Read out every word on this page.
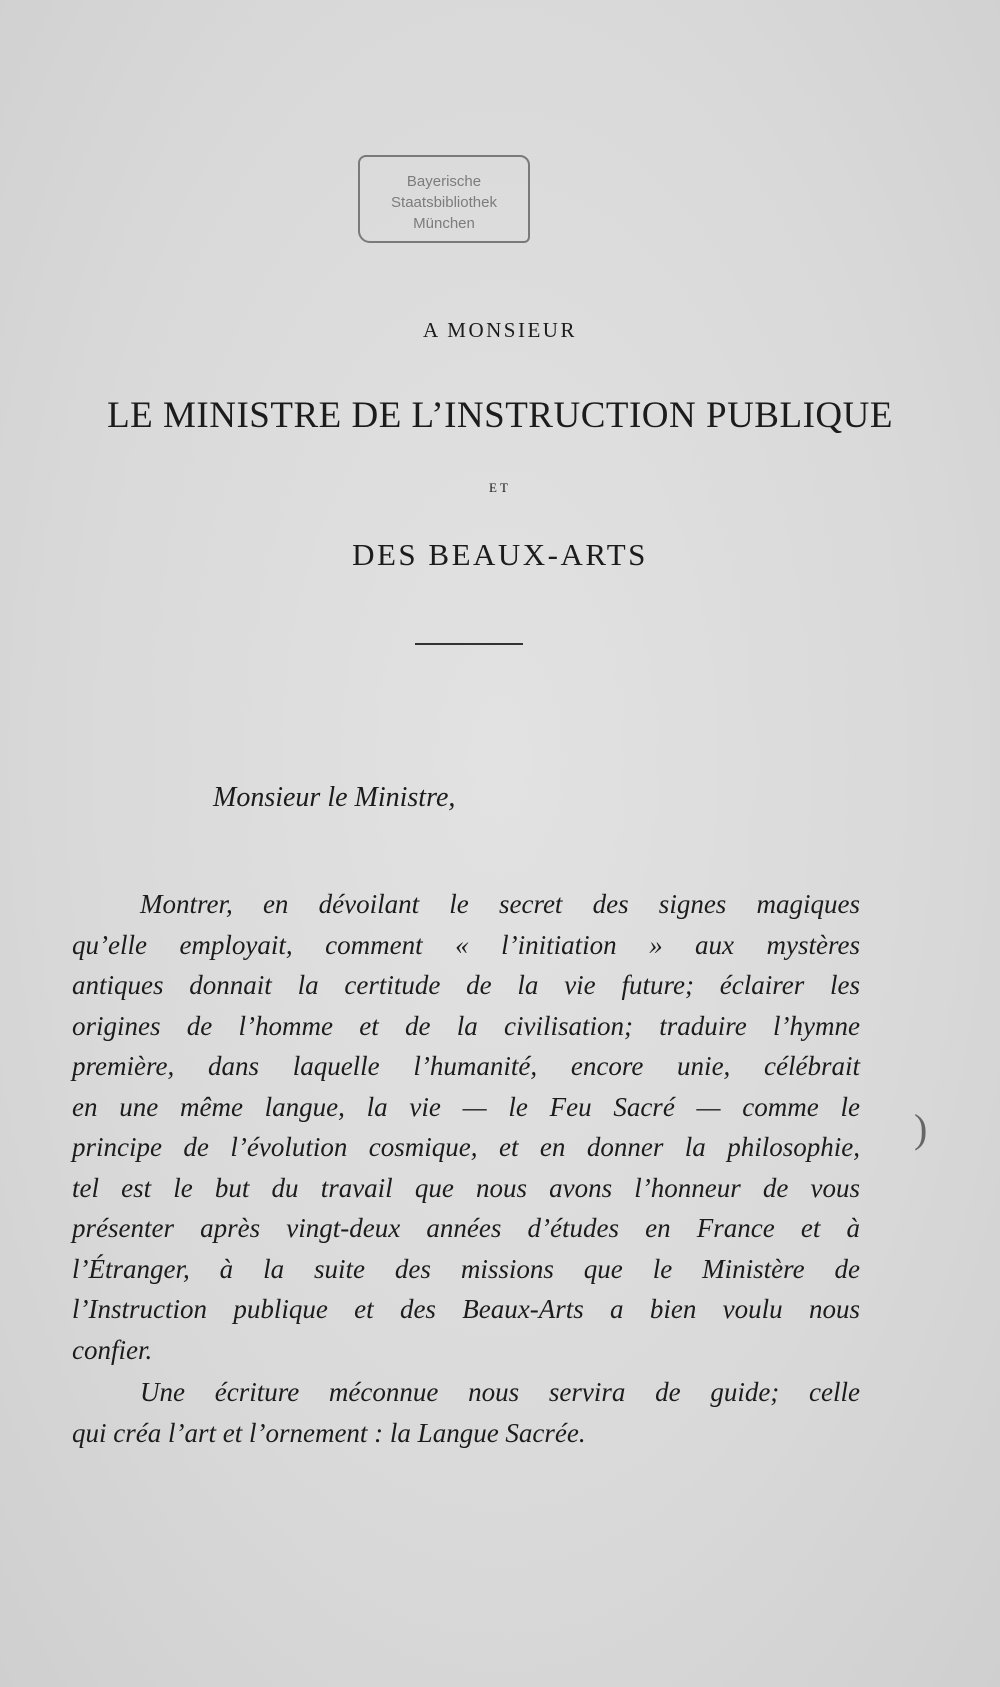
Bayerische
Staatsbibliothek
München
A MONSIEUR
LE MINISTRE DE L’INSTRUCTION PUBLIQUE
ET
DES BEAUX-ARTS
Monsieur le Ministre,
Montrer, en dévoilant le secret des signes magiques
qu’elle employait, comment « l’initiation » aux mystères
antiques donnait la certitude de la vie future; éclairer les
origines de l’homme et de la civilisation; traduire l’hymne
première, dans laquelle l’humanité, encore unie, célébrait
en une même langue, la vie — le Feu Sacré — comme le
principe de l’évolution cosmique, et en donner la philosophie,
tel est le but du travail que nous avons l’honneur de vous
présenter après vingt-deux années d’études en France et à
l’Étranger, à la suite des missions que le Ministère de
l’Instruction publique et des Beaux-Arts a bien voulu nous
confier.
Une écriture méconnue nous servira de guide; celle
qui créa l’art et l’ornement : la Langue Sacrée.
)
